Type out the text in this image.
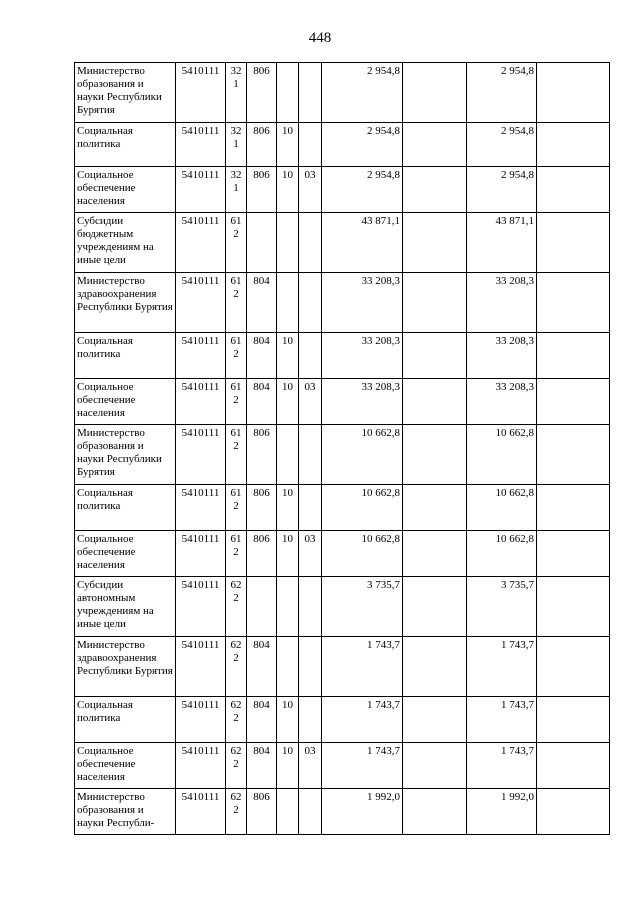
448
Министерство образования и науки Республики Бурятия	5410111	321	806			2 954,8		2 954,8	
Социальная политика	5410111	321	806	10		2 954,8		2 954,8	
Социальное обеспечение населения	5410111	321	806	10	03	2 954,8		2 954,8	
Субсидии бюджетным учреждениям на иные цели	5410111	612				43 871,1		43 871,1	
Министерство здравоохранения Республики Бурятия	5410111	612	804			33 208,3		33 208,3	
Социальная политика	5410111	612	804	10		33 208,3		33 208,3	
Социальное обеспечение населения	5410111	612	804	10	03	33 208,3		33 208,3	
Министерство образования и науки Республики Бурятия	5410111	612	806			10 662,8		10 662,8	
Социальная политика	5410111	612	806	10		10 662,8		10 662,8	
Социальное обеспечение населения	5410111	612	806	10	03	10 662,8		10 662,8	
Субсидии автономным учреждениям на иные цели	5410111	622				3 735,7		3 735,7	
Министерство здравоохранения Республики Бурятия	5410111	622	804			1 743,7		1 743,7	
Социальная политика	5410111	622	804	10		1 743,7		1 743,7	
Социальное обеспечение населения	5410111	622	804	10	03	1 743,7		1 743,7	
Министерство образования и науки Республи-	5410111	622	806			1 992,0		1 992,0	
